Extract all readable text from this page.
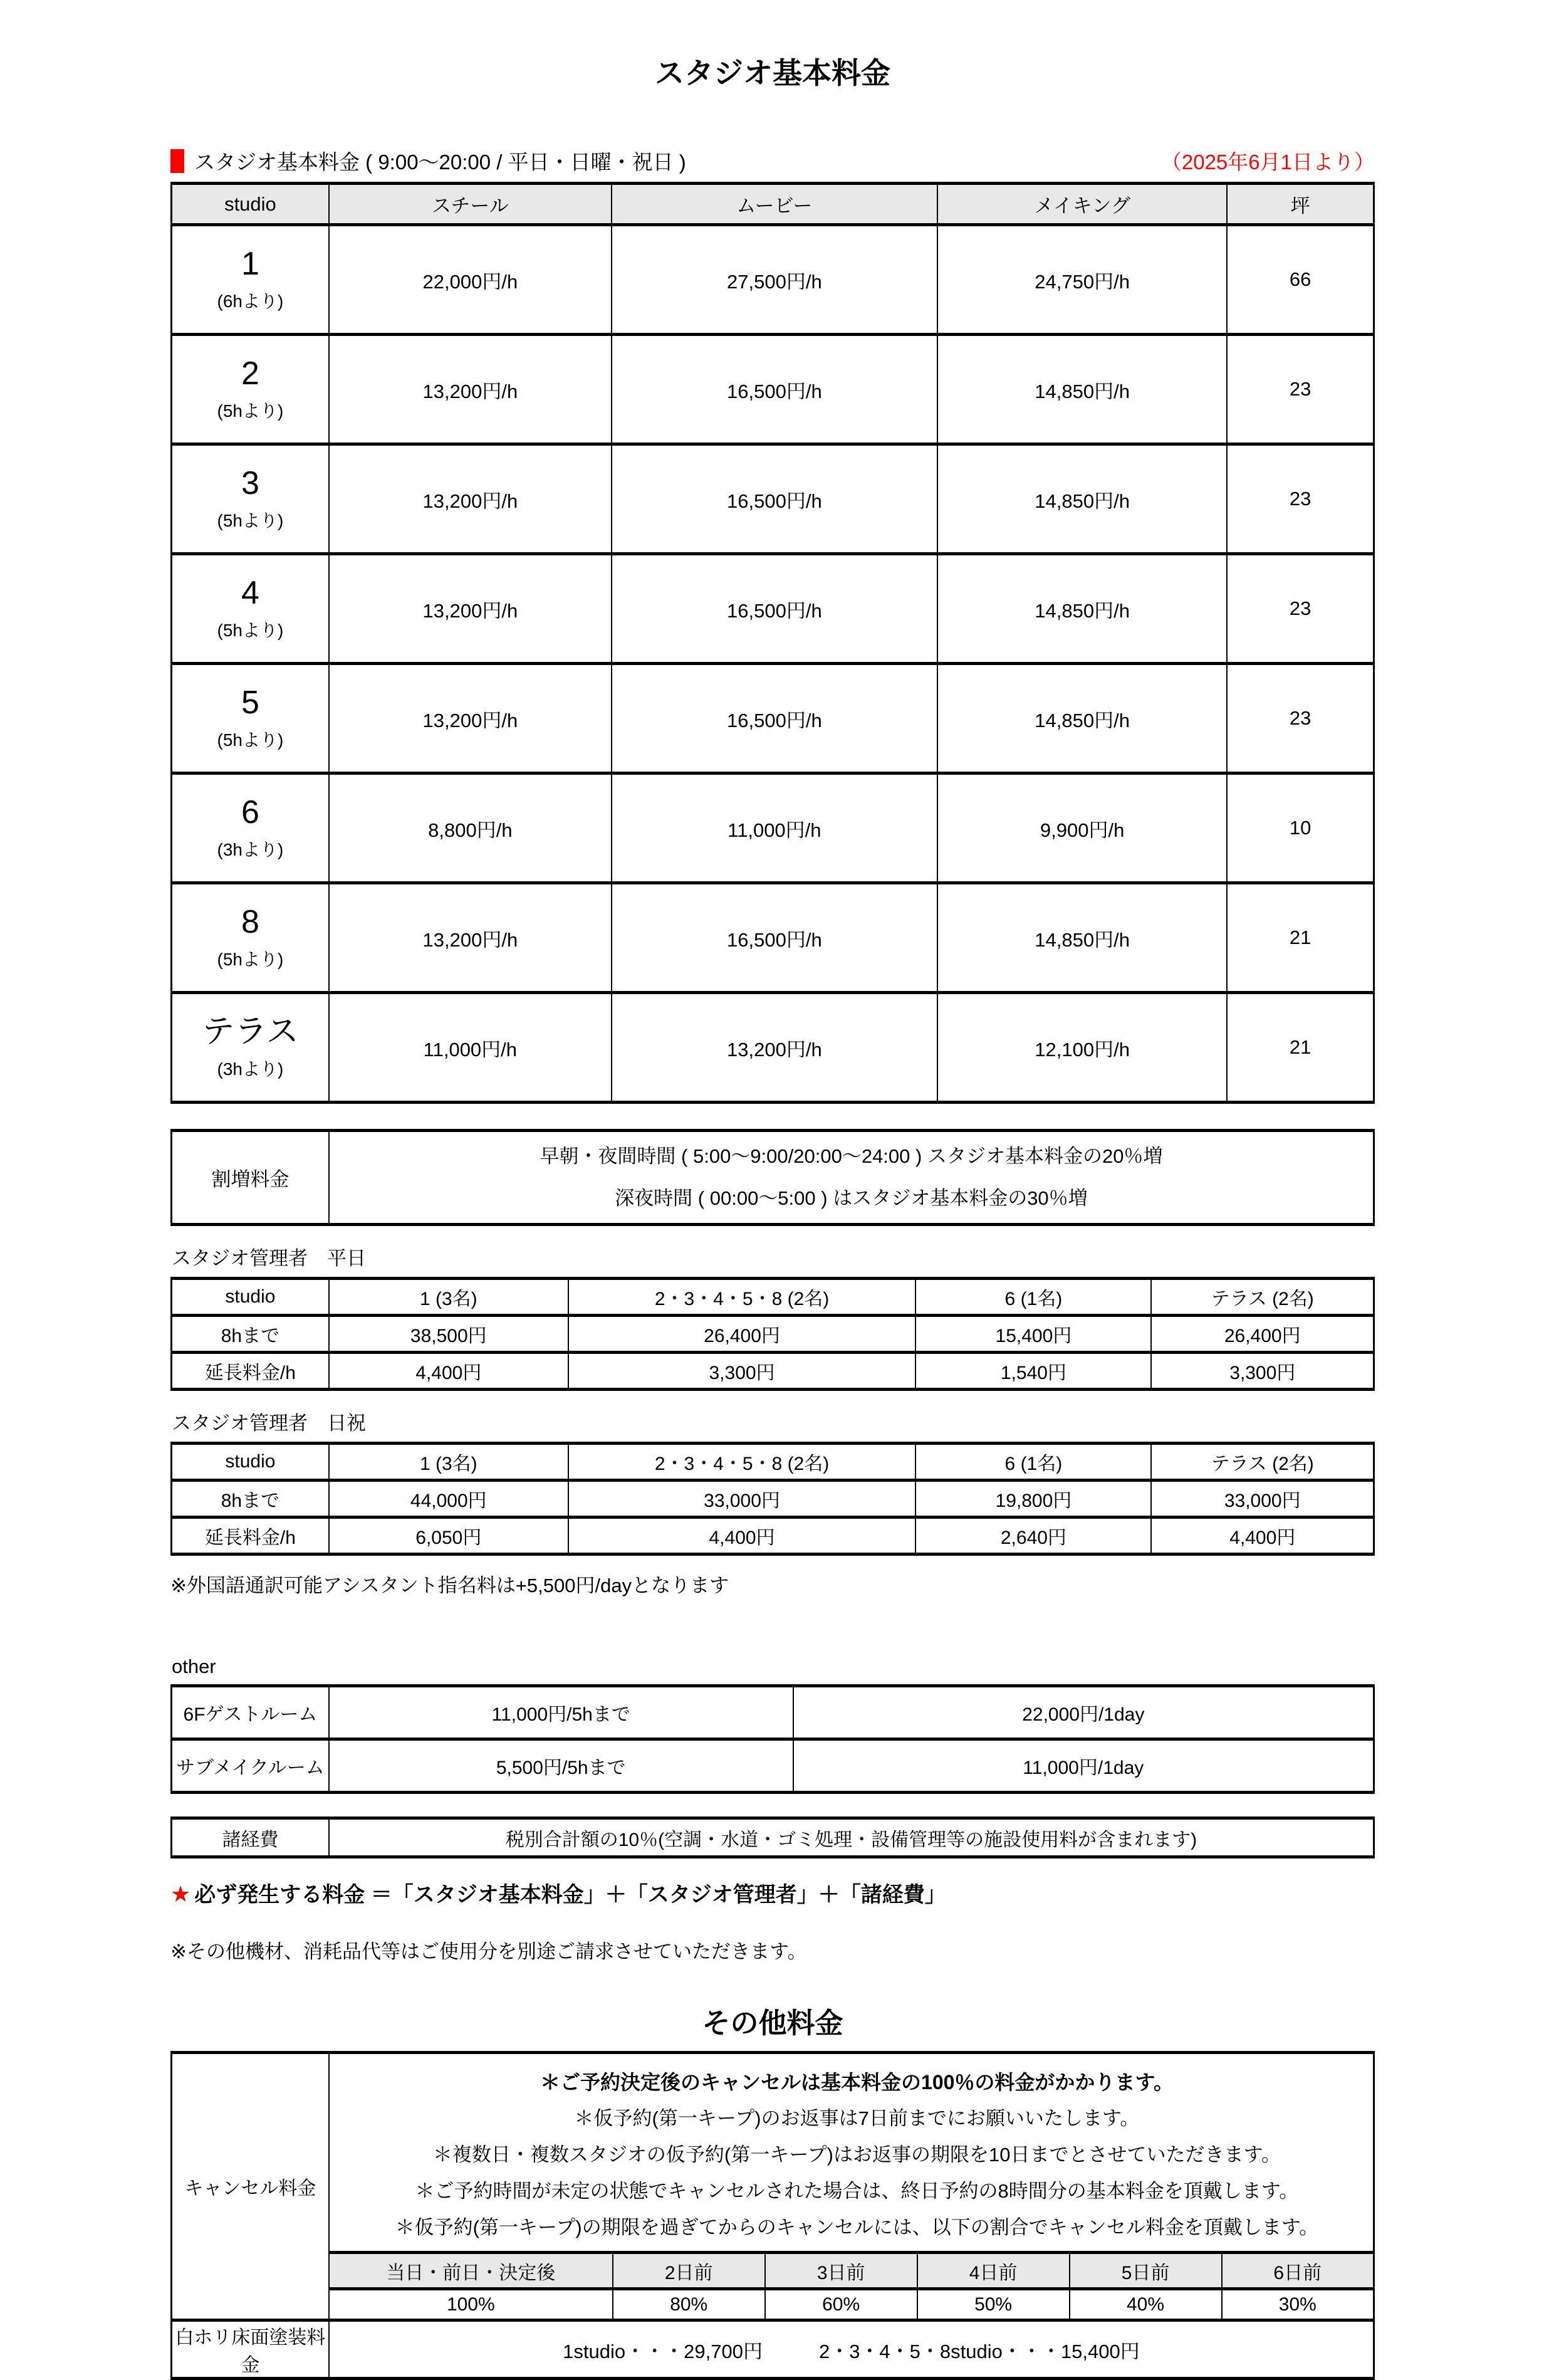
スタジオ基本料金
スタジオ基本料金 ( 9:00～20:00 / 平日・日曜・祝日 )	（2025年6月1日より）
studio	スチール	ムービー	メイキング	坪

1
(6hより)	22,000円/h	27,500円/h	24,750円/h	66

2
(5hより)	13,200円/h	16,500円/h	14,850円/h	23

3
(5hより)	13,200円/h	16,500円/h	14,850円/h	23

4
(5hより)	13,200円/h	16,500円/h	14,850円/h	23

5
(5hより)	13,200円/h	16,500円/h	14,850円/h	23

6
(3hより)	8,800円/h	11,000円/h	9,900円/h	10

8
(5hより)	13,200円/h	16,500円/h	14,850円/h	21

テラス
(3hより)	11,000円/h	13,200円/h	12,100円/h	21
割増料金	
早朝・夜間時間 ( 5:00～9:00/20:00～24:00 ) スタジオ基本料金の20％増
深夜時間 ( 00:00～5:00 ) はスタジオ基本料金の30％増
スタジオ管理者　平日
studio	1 (3名)	2・3・4・5・8 (2名)	6 (1名)	テラス (2名)
8hまで	38,500円	26,400円	15,400円	26,400円
延長料金/h	4,400円	3,300円	1,540円	3,300円
スタジオ管理者　日祝
studio	1 (3名)	2・3・4・5・8 (2名)	6 (1名)	テラス (2名)
8hまで	44,000円	33,000円	19,800円	33,000円
延長料金/h	6,050円	4,400円	2,640円	4,400円
※外国語通訳可能アシスタント指名料は+5,500円/dayとなります
other
6Fゲストルーム	11,000円/5hまで	22,000円/1day
サブメイクルーム	5,500円/5hまで	11,000円/1day
諸経費	税別合計額の10％(空調・水道・ゴミ処理・設備管理等の施設使用料が含まれます)
★ 必ず発生する料金 ＝「スタジオ基本料金」＋「スタジオ管理者」＋「諸経費」
※その他機材、消耗品代等はご使用分を別途ご請求させていただきます。
その他料金
キャンセル料金	＊ご予約決定後のキャンセルは基本料金の100％の料金がかかります。
＊仮予約(第一キープ)のお返事は7日前までにお願いいたします。
＊複数日・複数スタジオの仮予約(第一キープ)はお返事の期限を10日までとさせていただきます。
＊ご予約時間が未定の状態でキャンセルされた場合は、終日予約の8時間分の基本料金を頂戴します。
＊仮予約(第一キープ)の期限を過ぎてからのキャンセルには、以下の割合でキャンセル料金を頂戴します。					

	当日・前日・決定後	2日前	3日前	4日前	5日前	6日前
	100%	80%	60%	50%	40%	30%
白ホリ床面塗装料金	1studio・・・29,700円 2・3・4・5・8studio・・・15,400円					
